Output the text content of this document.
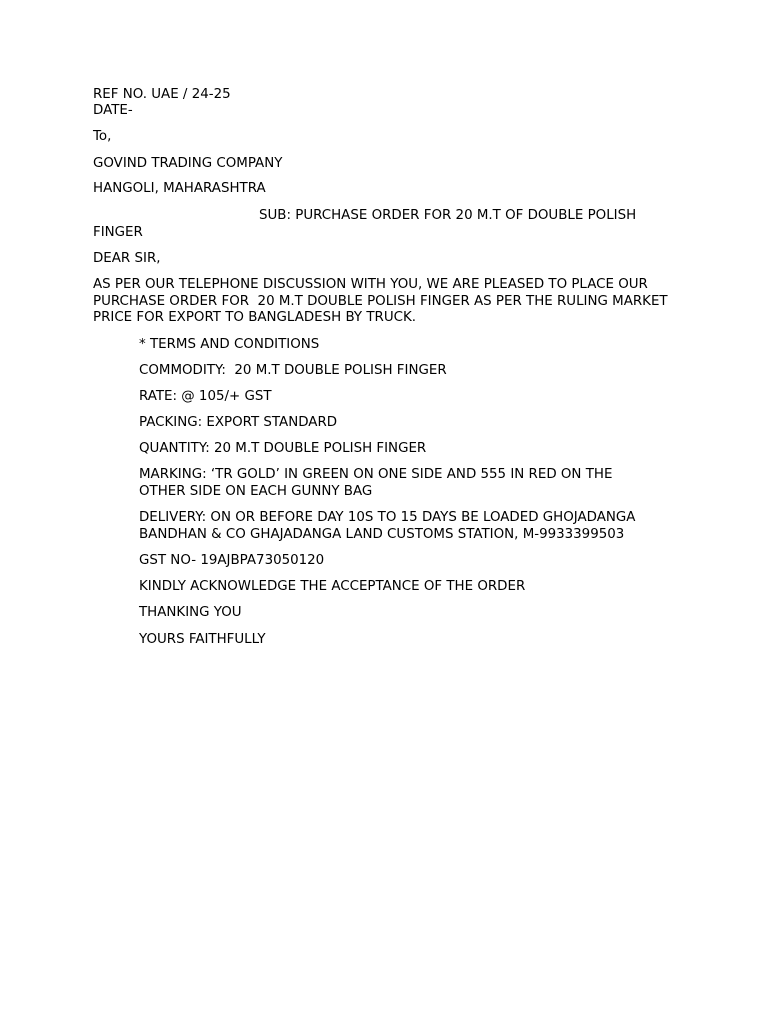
REF NO. UAE / 24-25

DATE-

To,

GOVIND TRADING COMPANY

HANGOLI, MAHARASHTRA

SUB: PURCHASE ORDER FOR 20 M.T OF DOUBLE POLISH FINGER

DEAR SIR,

AS PER OUR TELEPHONE DISCUSSION WITH YOU, WE ARE PLEASED TO PLACE OUR PURCHASE ORDER FOR  20 M.T DOUBLE POLISH FINGER AS PER THE RULING MARKET PRICE FOR EXPORT TO BANGLADESH BY TRUCK.

* TERMS AND CONDITIONS

COMMODITY:  20 M.T DOUBLE POLISH FINGER

RATE: @ 105/+ GST

PACKING: EXPORT STANDARD

QUANTITY: 20 M.T DOUBLE POLISH FINGER

MARKING: ‘TR GOLD’ IN GREEN ON ONE SIDE AND 555 IN RED ON THE OTHER SIDE ON EACH GUNNY BAG

DELIVERY: ON OR BEFORE DAY 10S TO 15 DAYS BE LOADED GHOJADANGA BANDHAN & CO GHAJADANGA LAND CUSTOMS STATION, M-9933399503

GST NO- 19AJBPA73050120

KINDLY ACKNOWLEDGE THE ACCEPTANCE OF THE ORDER

THANKING YOU

YOURS FAITHFULLY
